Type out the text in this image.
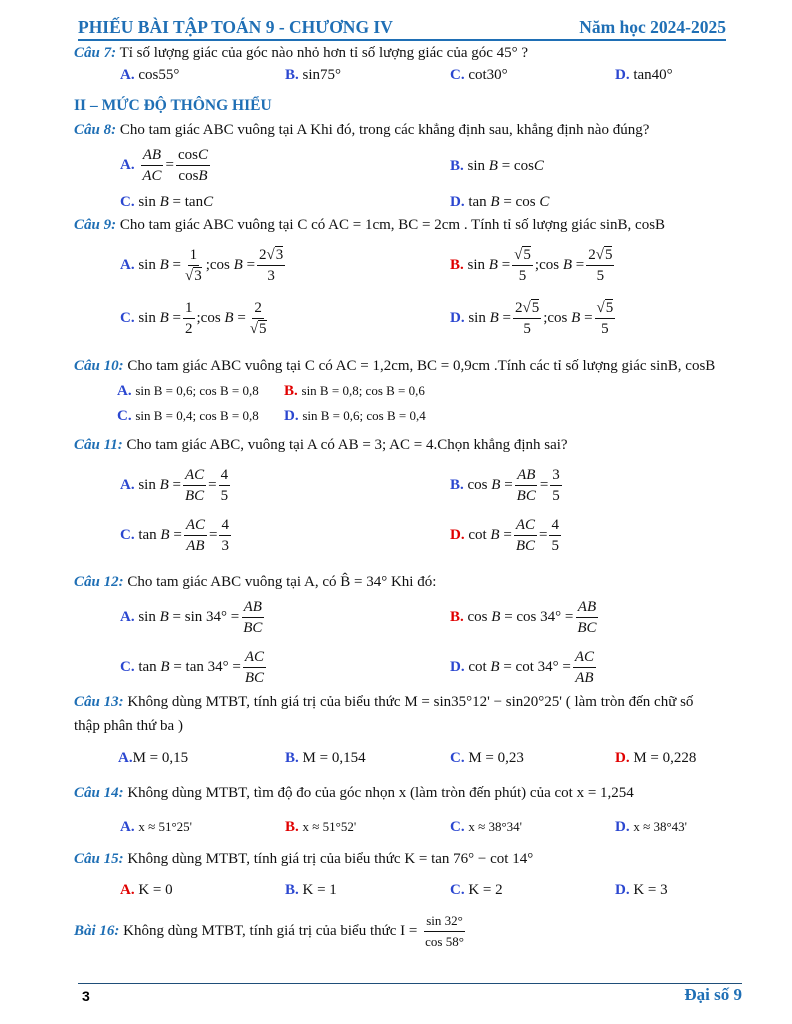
PHIẾU BÀI TẬP TOÁN 9 - CHƯƠNG IV	Năm học 2024-2025
Câu 7: Tỉ số lượng giác của góc nào nhỏ hơn tỉ số lượng giác của góc 45° ?
A. cos55°	B. sin75°	C. cot30°	D. tan40°
II – MỨC ĐỘ THÔNG HIỂU
Câu 8: Cho tam giác ABC vuông tại A Khi đó, trong các khẳng định sau, khẳng định nào đúng?
A. $\frac{AB}{AC} = \frac{\cos C}{\cos B}$	B. sin B = cosC
C. sin B = tanC	D. tan B = cos C
Câu 9: Cho tam giác ABC vuông tại C có AC = 1cm, BC = 2cm . Tính tỉ số lượng giác sinB, cosB
A. $\sin B = \frac{1}{√3}$ ;cos $B = \frac{2√3}{3}$	B. $\sin B = \frac{√5}{5}$ ;cos $B = \frac{2√5}{5}$
C. $\sin B = \frac{1}{2}$ ;cos $B = \frac{2}{√5}$	D. $\sin B = \frac{2√5}{5}$ ;cos $B = \frac{√5}{5}$
Câu 10: Cho tam giác ABC vuông tại C có AC = 1,2cm, BC = 0,9cm .Tính các tỉ số lượng giác sinB, cosB
A. sin B = 0,6; cos B = 0,8 B. sin B = 0,8; cos B = 0,6
C. sin B = 0,4; cos B = 0,8 D. sin B = 0,6; cos B = 0,4
Câu 11: Cho tam giác ABC, vuông tại A có AB = 3; AC = 4.Chọn khẳng định sai?
A. $\sin B = \frac{AC}{BC} = \frac{4}{5}$	B. $\cos B = \frac{AB}{BC} = \frac{3}{5}$
C. $\tan B = \frac{AC}{AB} = \frac{4}{3}$	D. $\cot B = \frac{AC}{BC} = \frac{4}{5}$
Câu 12: Cho tam giác ABC vuông tại A, có B̂ = 34° Khi đó:
A. $\sin B = \sin 34^\circ = \frac{AB}{BC}$	B. $\cos B = \cos 34^\circ = \frac{AB}{BC}$
C. $\tan B = \tan 34^\circ = \frac{AC}{BC}$	D. $\cot B = \cot 34^\circ = \frac{AC}{AB}$
Câu 13: Không dùng MTBT, tính giá trị của biểu thức M = sin35°12' − sin20°25' ( làm tròn đến chữ số
thập phân thứ ba )
A.M = 0,15	B. M = 0,154	C. M = 0,23	D. M = 0,228
Câu 14: Không dùng MTBT, tìm độ đo của góc nhọn x (làm tròn đến phút) của cot x = 1,254
A. x ≈ 51°25'	B. x ≈ 51°52'	C. x ≈ 38°34'	D. x ≈ 38°43'
Câu 15: Không dùng MTBT, tính giá trị của biểu thức K = tan 76° − cot 14°
A. K = 0	B. K = 1	C. K = 2	D. K = 3
Bài 16: Không dùng MTBT, tính giá trị của biểu thức $I = \frac{\sin 32^\circ}{\cos 58^\circ}$
3	Đại số 9
